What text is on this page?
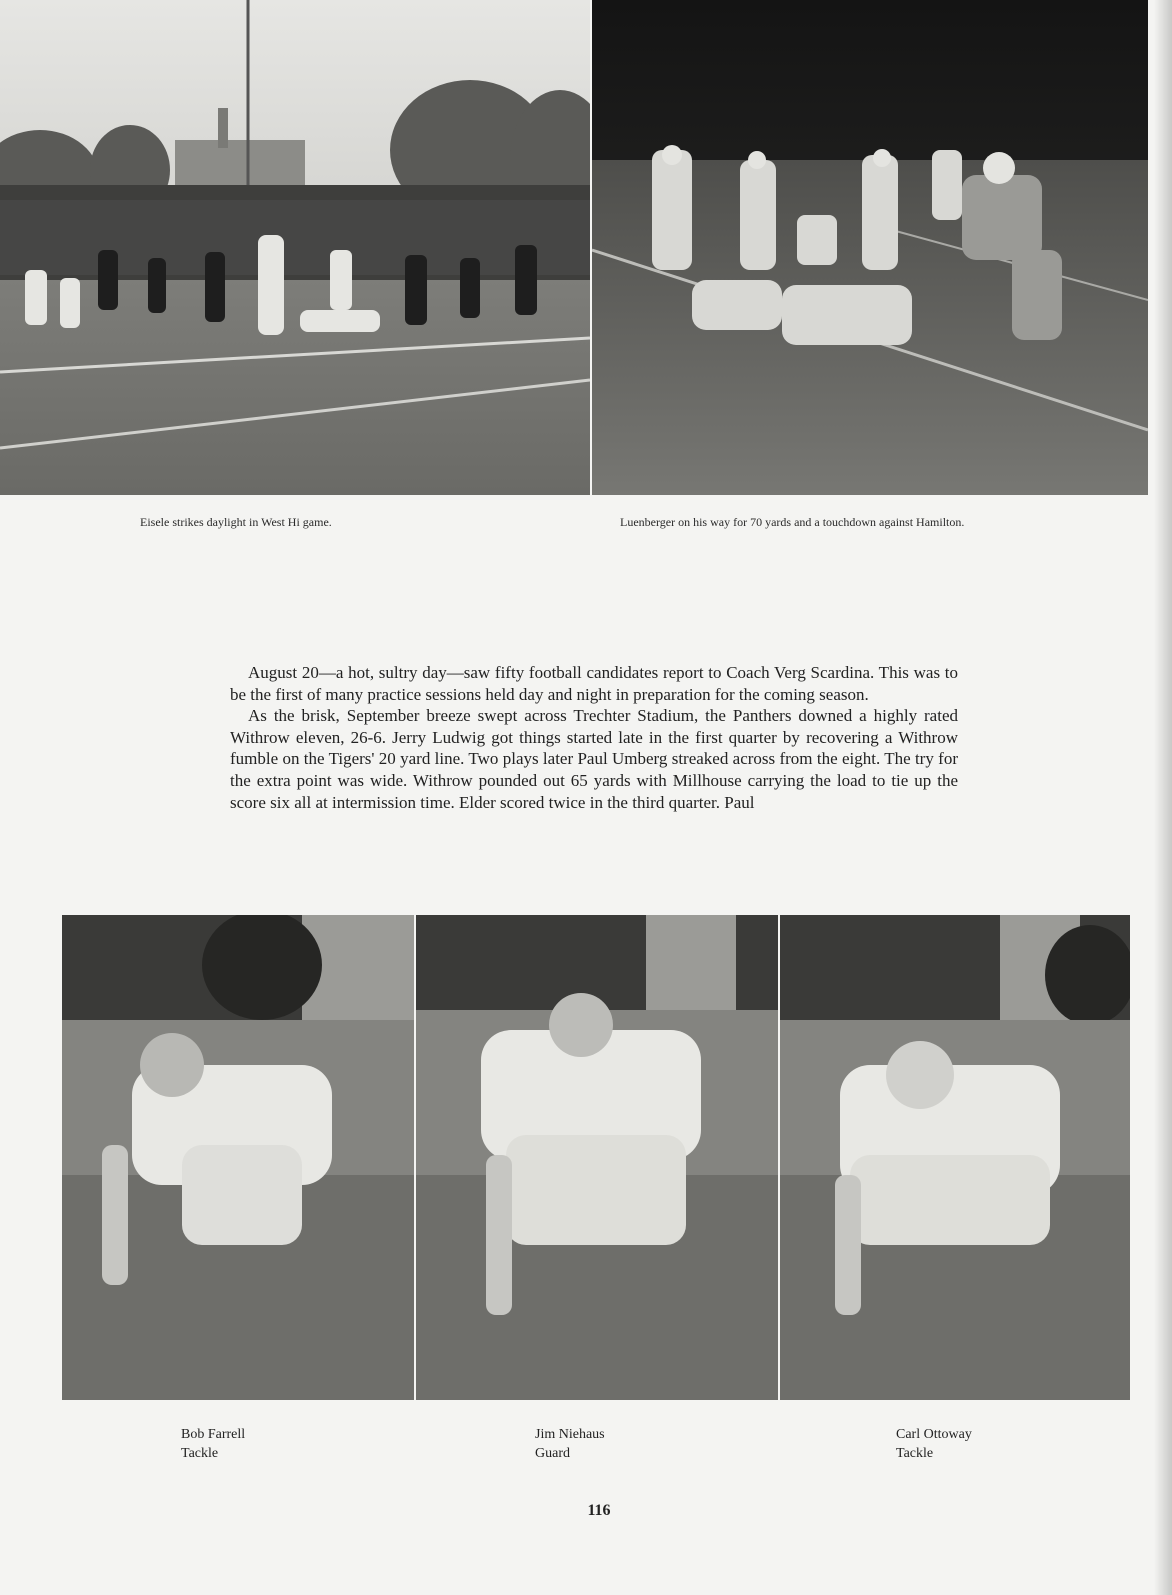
Eisele strikes daylight in West Hi game.	Luenberger on his way for 70 yards and a touchdown against Hamilton.

August 20—a hot, sultry day—saw fifty football candidates report to Coach Verg Scardina. This was to be the first of many practice sessions held day and night in preparation for the coming season.

As the brisk, September breeze swept across Trechter Stadium, the Panthers downed a highly rated Withrow eleven, 26-6. Jerry Ludwig got things started late in the first quarter by recovering a Withrow fumble on the Tigers' 20 yard line. Two plays later Paul Umberg streaked across from the eight. The try for the extra point was wide. Withrow pounded out 65 yards with Millhouse carrying the load to tie up the score six all at intermission time. Elder scored twice in the third quarter. Paul

Bob Farrell
Tackle
Jim Niehaus
Guard
Carl Ottoway
Tackle
116
